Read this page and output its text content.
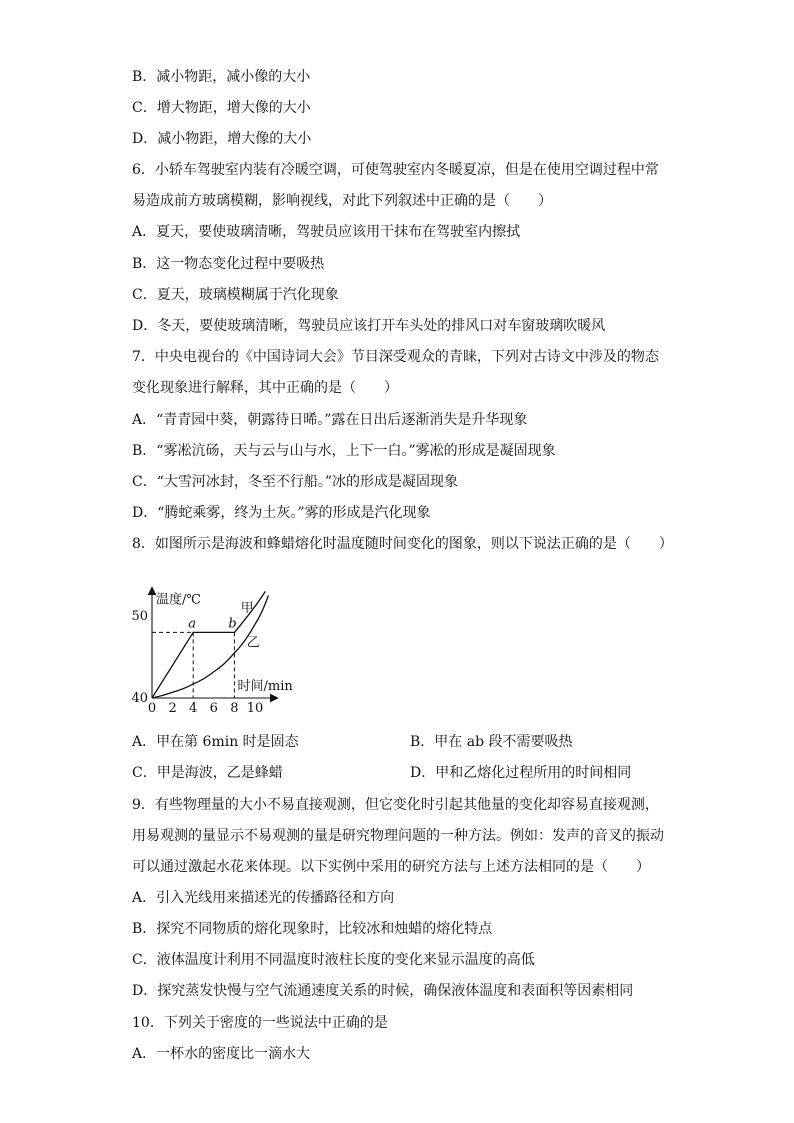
B．减小物距，减小像的大小
C．增大物距，增大像的大小
D．减小物距，增大像的大小
6．小轿车驾驶室内装有冷暖空调，可使驾驶室内冬暖夏凉，但是在使用空调过程中常
易造成前方玻璃模糊，影响视线，对此下列叙述中正确的是（　　）
A．夏天，要使玻璃清晰，驾驶员应该用干抹布在驾驶室内擦拭
B．这一物态变化过程中要吸热
C．夏天，玻璃模糊属于汽化现象
D．冬天，要使玻璃清晰，驾驶员应该打开车头处的排风口对车窗玻璃吹暖风
7．中央电视台的《中国诗词大会》节目深受观众的青睐，下列对古诗文中涉及的物态
变化现象进行解释，其中正确的是（　　）
A．“青青园中葵，朝露待日晞。”露在日出后逐渐消失是升华现象
B．“雾凇沆砀，天与云与山与水，上下一白。”雾凇的形成是凝固现象
C．“大雪河冰封，冬至不行船。”冰的形成是凝固现象
D．“腾蛇乘雾，终为土灰。”雾的形成是汽化现象
8．如图所示是海波和蜂蜡熔化时温度随时间变化的图象，则以下说法正确的是（　　）
0 2 4 6 8 10
40
50
温度/℃
时间/min
a b
甲
乙
A．甲在第 6min 时是固态	B．甲在 ab 段不需要吸热
C．甲是海波，乙是蜂蜡	D．甲和乙熔化过程所用的时间相同
9．有些物理量的大小不易直接观测，但它变化时引起其他量的变化却容易直接观测，
用易观测的量显示不易观测的量是研究物理问题的一种方法。例如：发声的音叉的振动
可以通过激起水花来体现。以下实例中采用的研究方法与上述方法相同的是（　　）
A．引入光线用来描述光的传播路径和方向
B．探究不同物质的熔化现象时，比较冰和烛蜡的熔化特点
C．液体温度计利用不同温度时液柱长度的变化来显示温度的高低
D．探究蒸发快慢与空气流通速度关系的时候，确保液体温度和表面积等因素相同
10．下列关于密度的一些说法中正确的是
A．一杯水的密度比一滴水大
